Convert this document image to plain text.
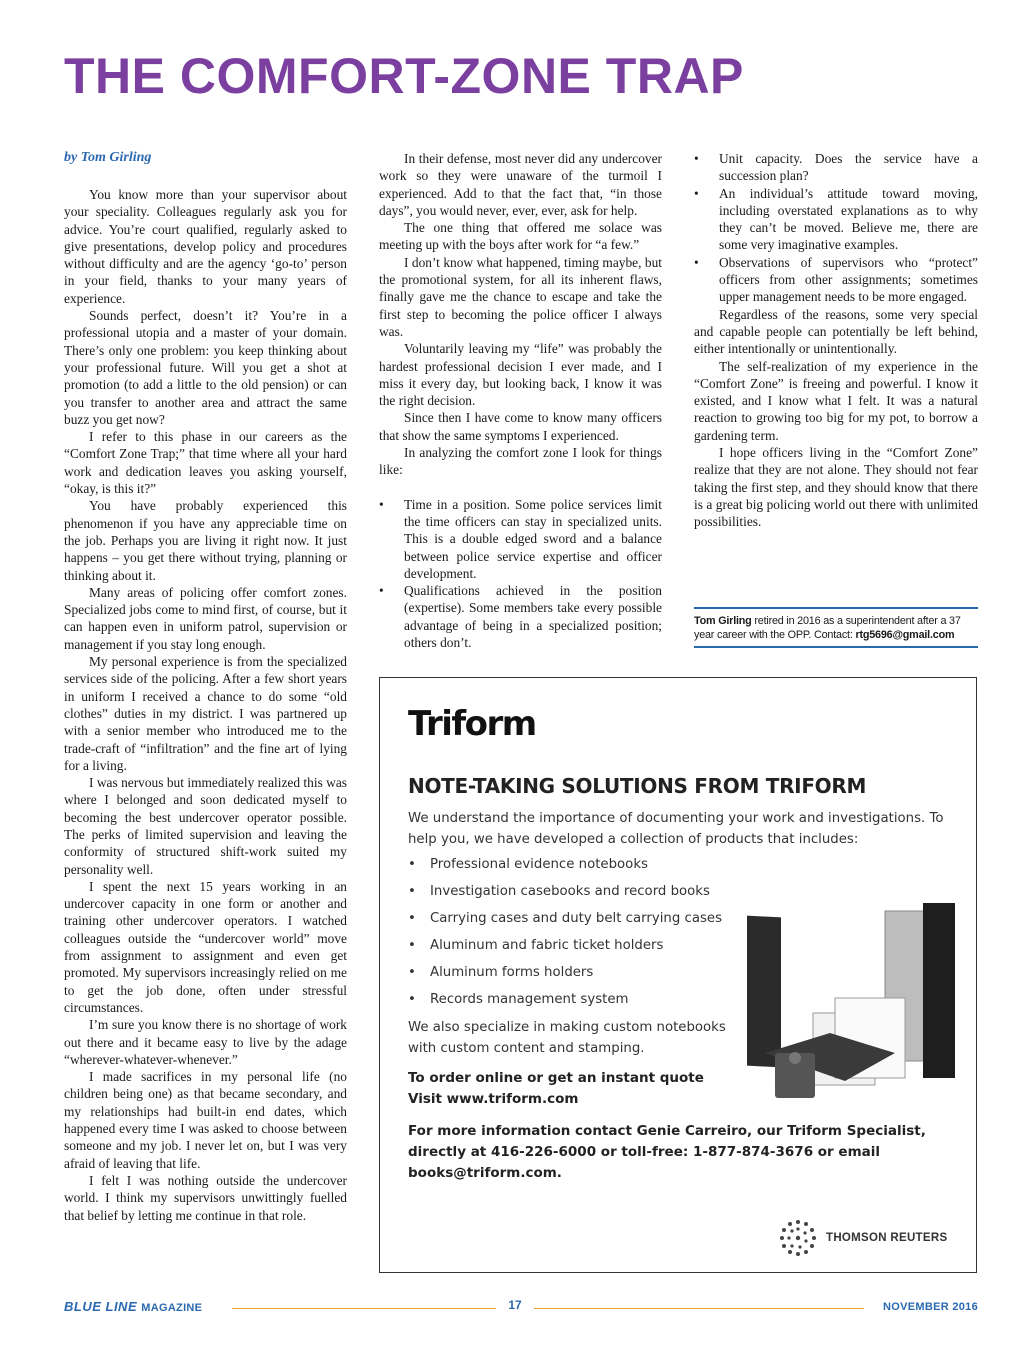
THE COMFORT-ZONE TRAP
by Tom Girling

You know more than your supervisor about your speciality. Colleagues regularly ask you for advice. You’re court qualified, regularly asked to give presentations, develop policy and procedures without difficulty and are the agency ‘go-to’ person in your field, thanks to your many years of experience.

Sounds perfect, doesn’t it? You’re in a professional utopia and a master of your domain. There’s only one problem: you keep thinking about your professional future. Will you get a shot at promotion (to add a little to the old pension) or can you transfer to another area and attract the same buzz you get now?

I refer to this phase in our careers as the “Comfort Zone Trap;” that time where all your hard work and dedication leaves you asking yourself, “okay, is this it?”

You have probably experienced this phenomenon if you have any appreciable time on the job. Perhaps you are living it right now. It just happens – you get there without trying, planning or thinking about it.

Many areas of policing offer comfort zones. Specialized jobs come to mind first, of course, but it can happen even in uniform patrol, supervision or management if you stay long enough.

My personal experience is from the specialized services side of the policing. After a few short years in uniform I received a chance to do some “old clothes” duties in my district. I was partnered up with a senior member who introduced me to the trade-craft of “infiltration” and the fine art of lying for a living.

I was nervous but immediately realized this was where I belonged and soon dedicated myself to becoming the best undercover operator possible. The perks of limited supervision and leaving the conformity of structured shift-work suited my personality well.

I spent the next 15 years working in an undercover capacity in one form or another and training other undercover operators. I watched colleagues outside the “undercover world” move from assignment to assignment and even get promoted. My supervisors increasingly relied on me to get the job done, often under stressful circumstances.

I’m sure you know there is no shortage of work out there and it became easy to live by the adage “wherever-whatever-whenever.”

I made sacrifices in my personal life (no children being one) as that became secondary, and my relationships had built-in end dates, which happened every time I was asked to choose between someone and my job. I never let on, but I was very afraid of leaving that life.

I felt I was nothing outside the undercover world. I think my supervisors unwittingly fuelled that belief by letting me continue in that role.

In their defense, most never did any undercover work so they were unaware of the turmoil I experienced. Add to that the fact that, “in those days”, you would never, ever, ever, ask for help.

The one thing that offered me solace was meeting up with the boys after work for “a few.”

I don’t know what happened, timing maybe, but the promotional system, for all its inherent flaws, finally gave me the chance to escape and take the first step to becoming the police officer I always was.

Voluntarily leaving my “life” was probably the hardest professional decision I ever made, and I miss it every day, but looking back, I know it was the right decision.

Since then I have come to know many officers that show the same symptoms I experienced.

In analyzing the comfort zone I look for things like:

• Time in a position. Some police services limit the time officers can stay in specialized units. This is a double edged sword and a balance between police service expertise and officer development.
• Qualifications achieved in the position (expertise). Some members take every possible advantage of being in a specialized position; others don’t.
• Unit capacity. Does the service have a succession plan?
• An individual’s attitude toward moving, including overstated explanations as to why they can’t be moved. Believe me, there are some very imaginative examples.
• Observations of supervisors who “protect” officers from other assignments; sometimes upper management needs to be more engaged.

Regardless of the reasons, some very special and capable people can potentially be left behind, either intentionally or unintentionally.

The self-realization of my experience in the “Comfort Zone” is freeing and powerful. I know it existed, and I know what I felt. It was a natural reaction to growing too big for my pot, to borrow a gardening term.

I hope officers living in the “Comfort Zone” realize that they are not alone. They should not fear taking the first step, and they should know that there is a great big policing world out there with unlimited possibilities.

Tom Girling retired in 2016 as a superintendent after a 37 year career with the OPP. Contact: rtg5696@gmail.com
Triform
NOTE-TAKING SOLUTIONS FROM TRIFORM
We understand the importance of documenting your work and investigations. To help you, we have developed a collection of products that includes:
• Professional evidence notebooks
• Investigation casebooks and record books
• Carrying cases and duty belt carrying cases
• Aluminum and fabric ticket holders
• Aluminum forms holders
• Records management system
We also specialize in making custom notebooks with custom content and stamping.
To order online or get an instant quote
Visit www.triform.com
For more information contact Genie Carreiro, our Triform Specialist, directly at 416-226-6000 or toll-free: 1-877-874-3676 or email books@triform.com.
THOMSON REUTERS
BLUE LINE MAGAZINE	17	NOVEMBER 2016
